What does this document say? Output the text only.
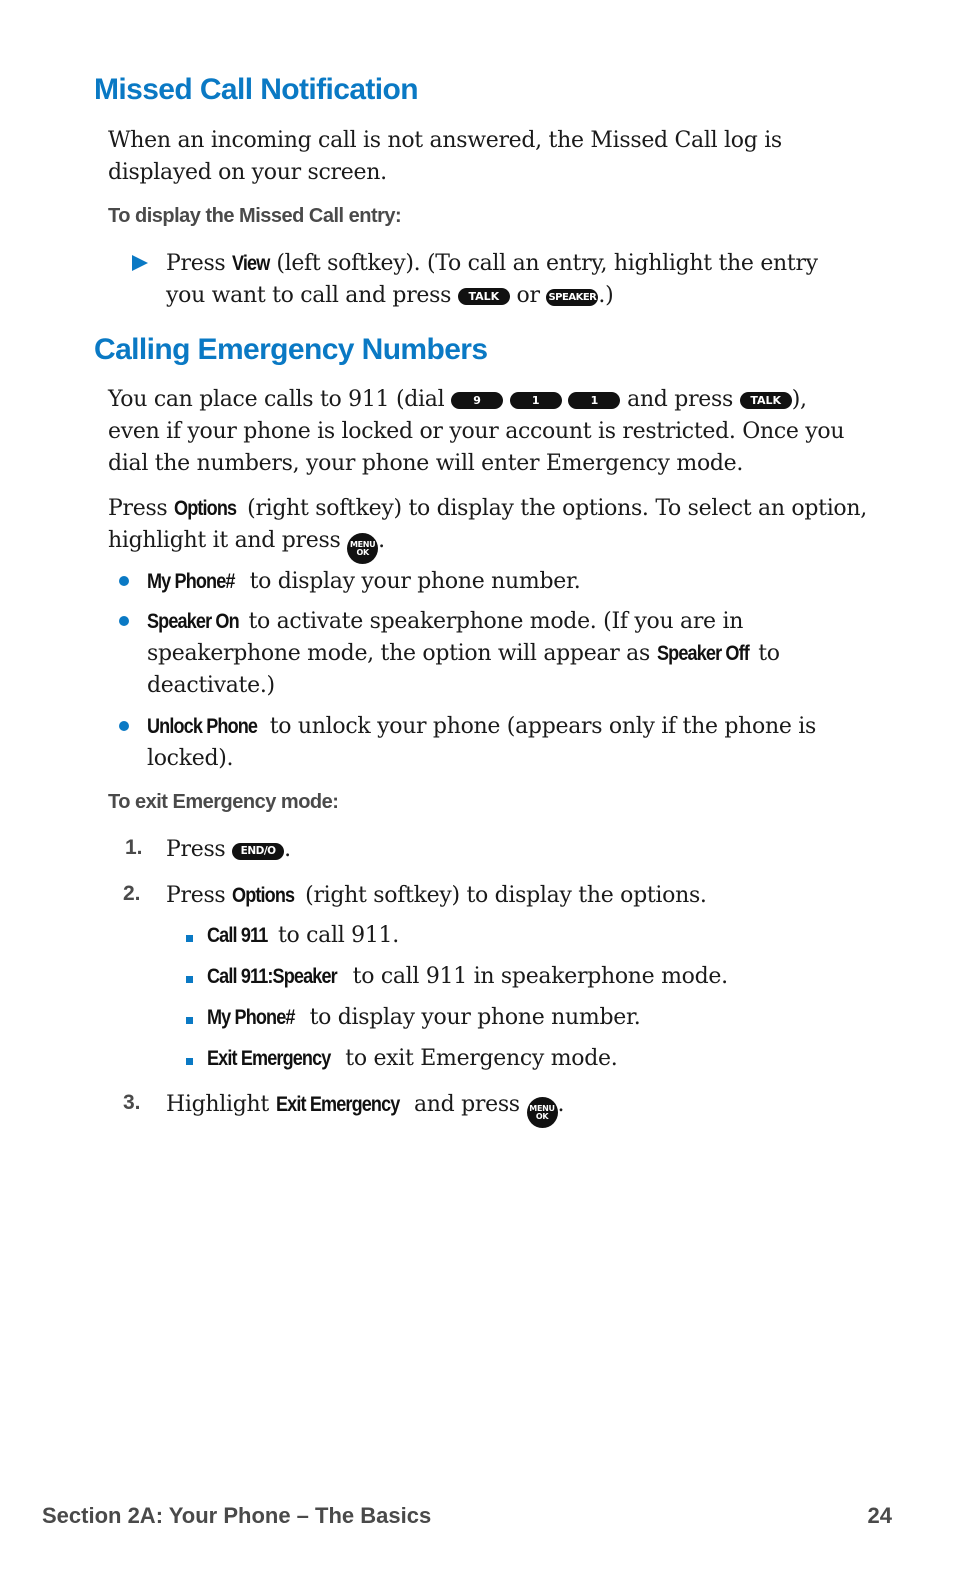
Missed Call Notification

When an incoming call is not answered, the Missed Call log is
displayed on your screen.

To display the Missed Call entry:

Press View (left softkey). (To call an entry, highlight the entry
you want to call and press TALK or SPEAKER.)

Calling Emergency Numbers

You can place calls to 911 (dial	9	1	1 and press TALK ),
even if your phone is locked or your account is restricted. Once you
dial the numbers, your phone will enter Emergency mode.

Press Options (right softkey) to display the options. To select an option,
highlight it and press	MENU
OK .

My Phone# to display your phone number.

Speaker On to activate speakerphone mode. (If you are in
speakerphone mode, the option will appear as Speaker Off to
deactivate.)

Unlock Phone to unlock your phone (appears only if the phone is
locked).

To exit Emergency mode:

1. Press END/O .

2. Press Options (right softkey) to display the options.

Call 911 to call 911.

Call 911:Speaker to call 911 in speakerphone mode.

My Phone# to display your phone number.

Exit Emergency to exit Emergency mode.

3. Highlight Exit Emergency and press	MENU
OK .

Section 2A: Your Phone – The Basics	24
